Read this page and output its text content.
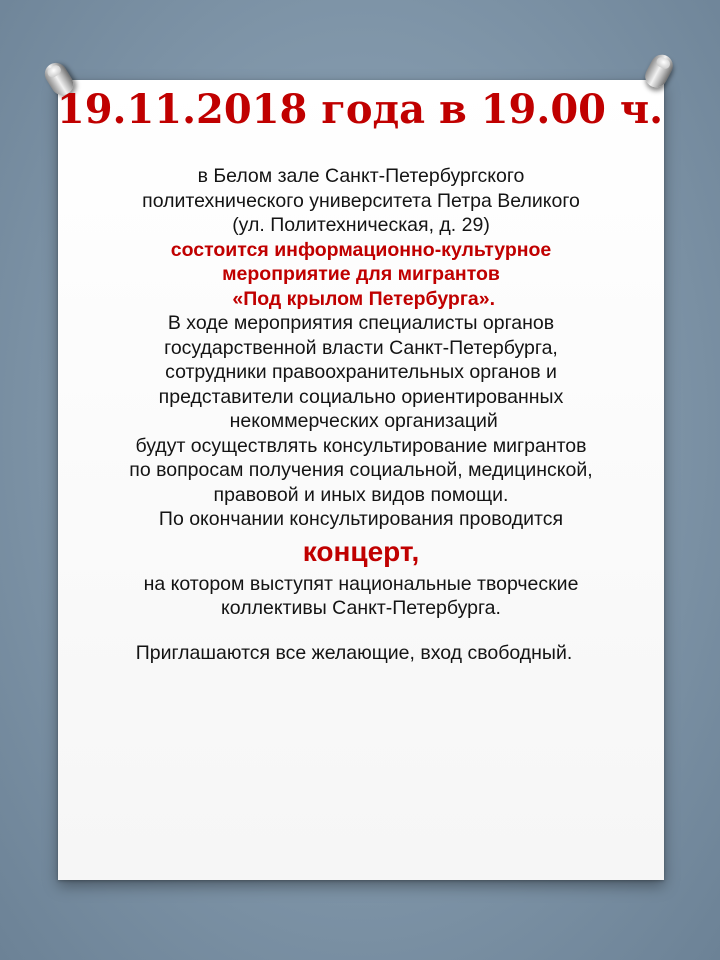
19.11.2018 года в 19.00 ч.
в Белом зале Санкт-Петербургского
политехнического университета Петра Великого
(ул. Политехническая, д. 29)
состоится информационно-культурное
мероприятие для мигрантов
«Под крылом Петербурга».
В ходе мероприятия специалисты органов
государственной власти Санкт-Петербурга,
сотрудники правоохранительных органов и
представители социально ориентированных
некоммерческих организаций
будут осуществлять консультирование мигрантов
по вопросам получения социальной, медицинской,
правовой и иных видов помощи.
По окончании консультирования проводится
концерт,
на котором выступят национальные творческие
коллективы Санкт-Петербурга.
Приглашаются все желающие, вход свободный.
